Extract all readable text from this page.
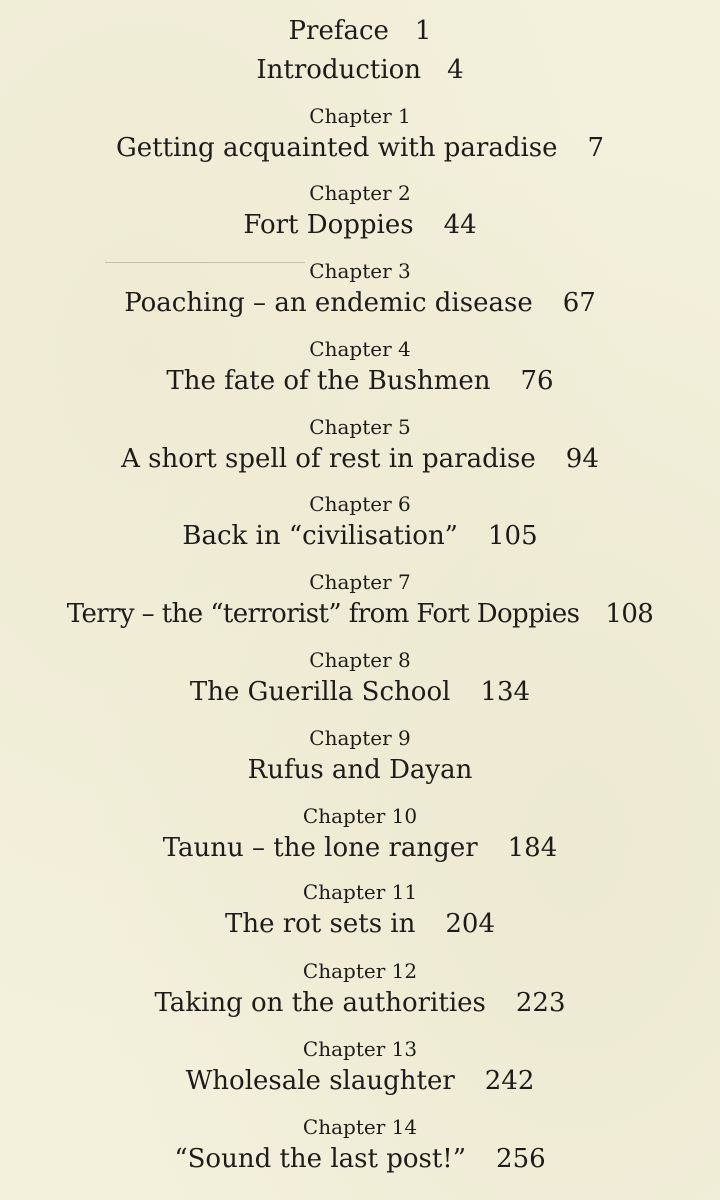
Preface 1
Introduction 4
Chapter 1
Getting acquainted with paradise 7
Chapter 2
Fort Doppies 44
Chapter 3
Poaching – an endemic disease 67
Chapter 4
The fate of the Bushmen 76
Chapter 5
A short spell of rest in paradise 94
Chapter 6
Back in “civilisation” 105
Chapter 7
Terry – the “terrorist” from Fort Doppies 108
Chapter 8
The Guerilla School 134
Chapter 9
Rufus and Dayan
Chapter 10
Taunu – the lone ranger 184
Chapter 11
The rot sets in 204
Chapter 12
Taking on the authorities 223
Chapter 13
Wholesale slaughter 242
Chapter 14
“Sound the last post!” 256
